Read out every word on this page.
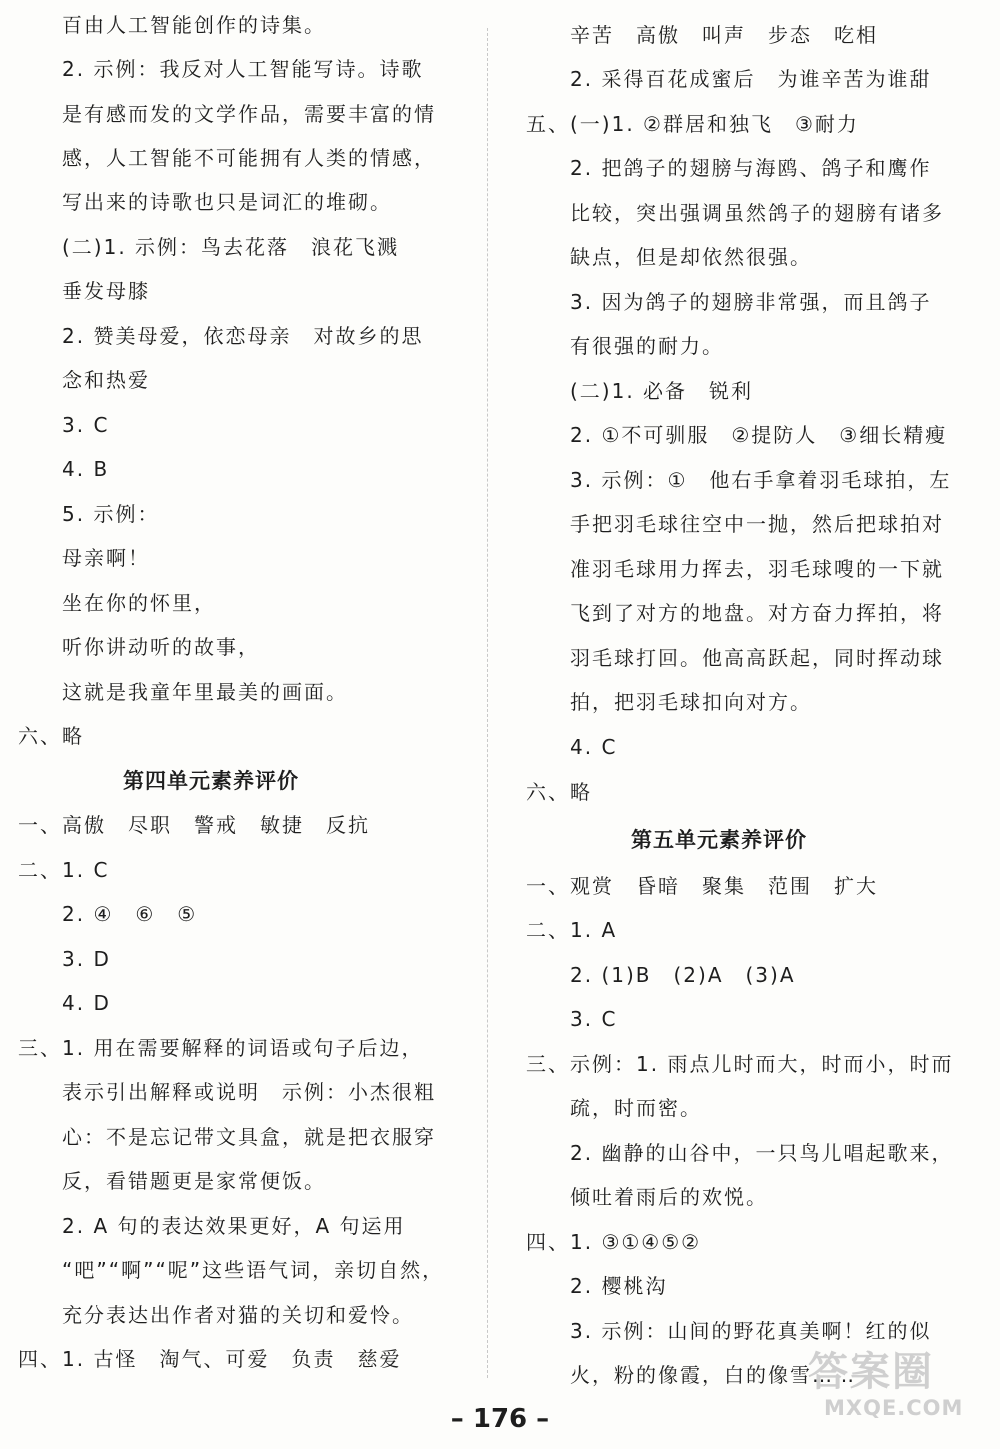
百由人工智能创作的诗集。
2. 示例：我反对人工智能写诗。诗歌
是有感而发的文学作品，需要丰富的情
感，人工智能不可能拥有人类的情感，
写出来的诗歌也只是词汇的堆砌。
(二)1. 示例：鸟去花落　浪花飞溅
垂发母膝
2. 赞美母爱，依恋母亲　对故乡的思
念和热爱
3. C
4. B
5. 示例：
母亲啊！
坐在你的怀里，
听你讲动听的故事，
这就是我童年里最美的画面。
六、略
第四单元素养评价
一、高傲　尽职　警戒　敏捷　反抗
二、1. C
2. ④　⑥　⑤
3. D
4. D
三、1. 用在需要解释的词语或句子后边，
表示引出解释或说明　示例：小杰很粗
心：不是忘记带文具盒，就是把衣服穿
反，看错题更是家常便饭。
2. A 句的表达效果更好，A 句运用
“吧”“啊”“呢”这些语气词，亲切自然，
充分表达出作者对猫的关切和爱怜。
四、1. 古怪　淘气、可爱　负责　慈爱
辛苦　高傲　叫声　步态　吃相
2. 采得百花成蜜后　为谁辛苦为谁甜
五、(一)1. ②群居和独飞　③耐力
2. 把鸽子的翅膀与海鸥、鸽子和鹰作
比较，突出强调虽然鸽子的翅膀有诸多
缺点，但是却依然很强。
3. 因为鸽子的翅膀非常强，而且鸽子
有很强的耐力。
(二)1. 必备　锐利
2. ①不可驯服　②提防人　③细长精瘦
3. 示例：①　他右手拿着羽毛球拍，左
手把羽毛球往空中一抛，然后把球拍对
准羽毛球用力挥去，羽毛球嗖的一下就
飞到了对方的地盘。对方奋力挥拍，将
羽毛球打回。他高高跃起，同时挥动球
拍，把羽毛球扣向对方。
4. C
六、略
第五单元素养评价
一、观赏　昏暗　聚集　范围　扩大
二、1. A
2. (1)B　(2)A　(3)A
3. C
三、示例：1. 雨点儿时而大，时而小，时而
疏，时而密。
2. 幽静的山谷中，一只鸟儿唱起歌来，
倾吐着雨后的欢悦。
四、1. ③①④⑤②
2. 樱桃沟
3. 示例：山间的野花真美啊！红的似
火，粉的像霞，白的像雪……
– 176 –
答案圈
MXQE.COM
